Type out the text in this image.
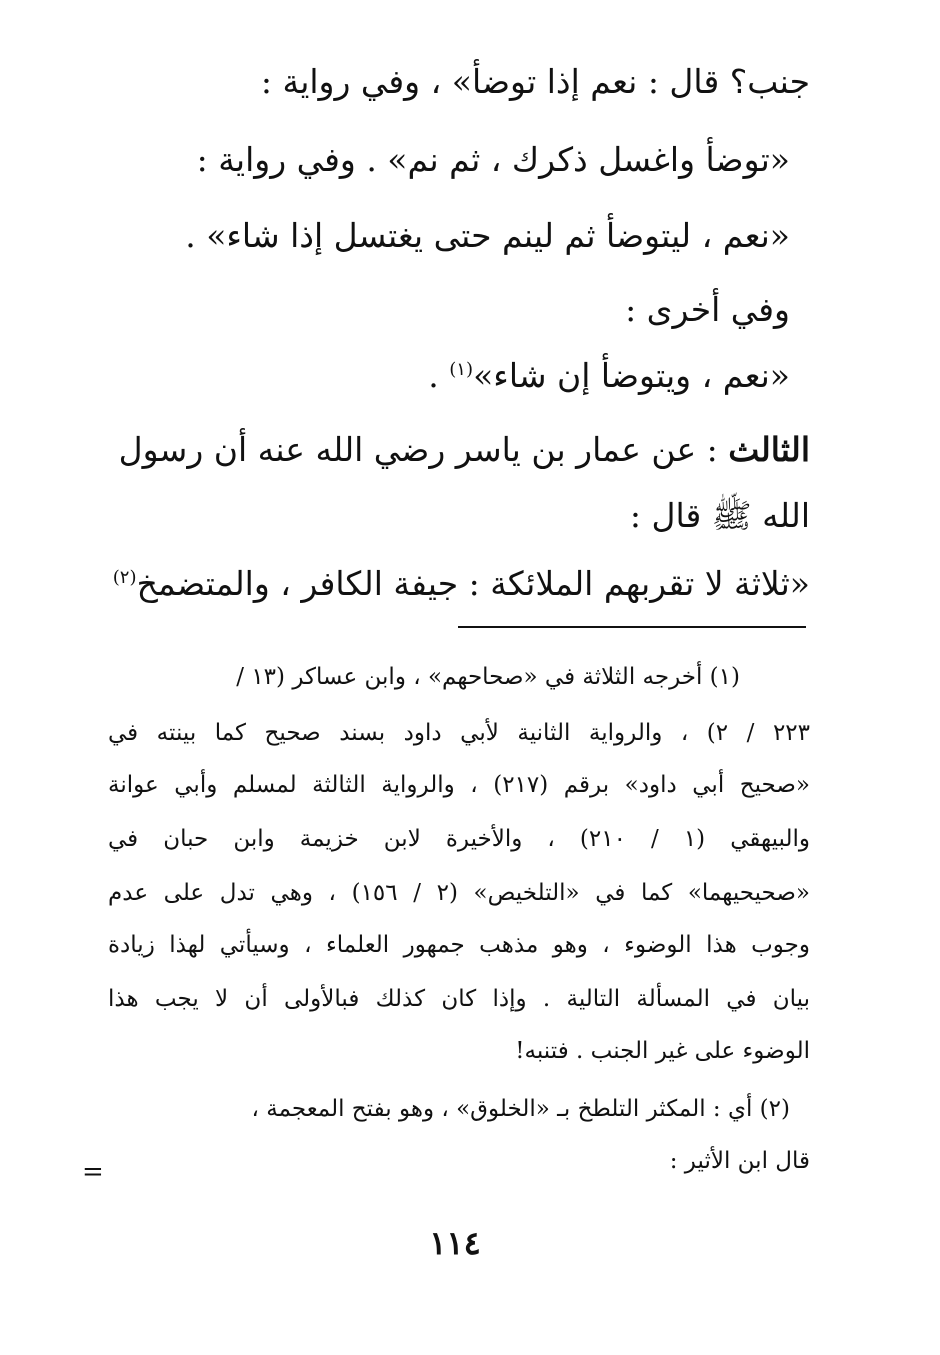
جنب؟ قال : نعم إذا توضأ» ، وفي رواية :
«توضأ واغسل ذكرك ، ثم نم» . وفي رواية :
«نعم ، ليتوضأ ثم لينم حتى يغتسل إذا شاء» .
وفي أخرى :
«نعم ، ويتوضأ إن شاء»$^{(١)}$ .
الثالث : عن عمار بن ياسر رضي الله عنه أن رسول
الله ﷺ قال :
«ثلاثة لا تقربهم الملائكة : جيفة الكافر ، والمتضمخ$^{(٢)}$
(١) أخرجه الثلاثة في «صحاحهم» ، وابن عساكر (١٣ /
٢٢٣ / ٢) ، والرواية الثانية لأبي داود بسند صحيح كما بينته في
«صحيح أبي داود» برقم (٢١٧) ، والرواية الثالثة لمسلم وأبي عوانة
والبيهقي (١ / ٢١٠) ، والأخيرة لابن خزيمة وابن حبان في
«صحيحيهما» كما في «التلخيص» (٢ / ١٥٦) ، وهي تدل على عدم
وجوب هذا الوضوء ، وهو مذهب جمهور العلماء ، وسيأتي لهذا زيادة
بيان في المسألة التالية . وإذا كان كذلك فبالأولى أن لا يجب هذا
الوضوء على غير الجنب . فتنبه!
(٢) أي : المكثر التلطخ بـ «الخلوق» ، وهو بفتح المعجمة ،
قال ابن الأثير :
=
١١٤
